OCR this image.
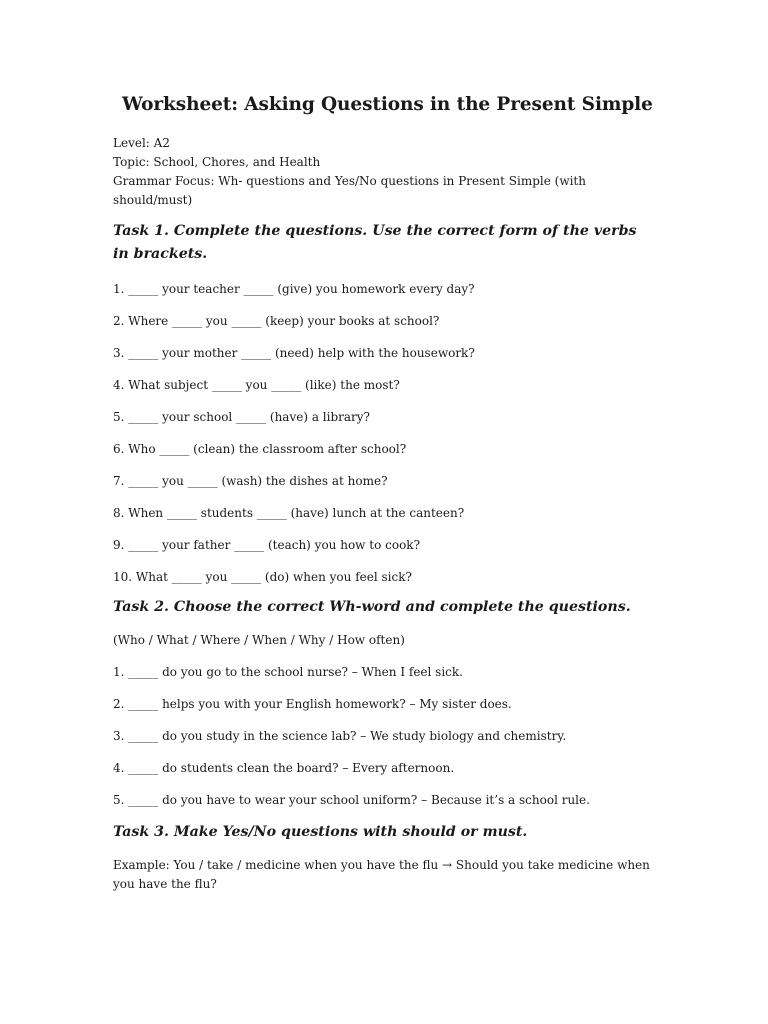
Worksheet: Asking Questions in the Present Simple
Level: A2
Topic: School, Chores, and Health
Grammar Focus: Wh- questions and Yes/No questions in Present Simple (with should/must)
Task 1. Complete the questions. Use the correct form of the verbs in brackets.

1. _____ your teacher _____ (give) you homework every day?

2. Where _____ you _____ (keep) your books at school?

3. _____ your mother _____ (need) help with the housework?

4. What subject _____ you _____ (like) the most?

5. _____ your school _____ (have) a library?

6. Who _____ (clean) the classroom after school?

7. _____ you _____ (wash) the dishes at home?

8. When _____ students _____ (have) lunch at the canteen?

9. _____ your father _____ (teach) you how to cook?

10. What _____ you _____ (do) when you feel sick?

Task 2. Choose the correct Wh-word and complete the questions.

(Who / What / Where / When / Why / How often)

1. _____ do you go to the school nurse? – When I feel sick.

2. _____ helps you with your English homework? – My sister does.

3. _____ do you study in the science lab? – We study biology and chemistry.

4. _____ do students clean the board? – Every afternoon.

5. _____ do you have to wear your school uniform? – Because it’s a school rule.

Task 3. Make Yes/No questions with should or must.

Example: You / take / medicine when you have the flu → Should you take medicine when you have the flu?
